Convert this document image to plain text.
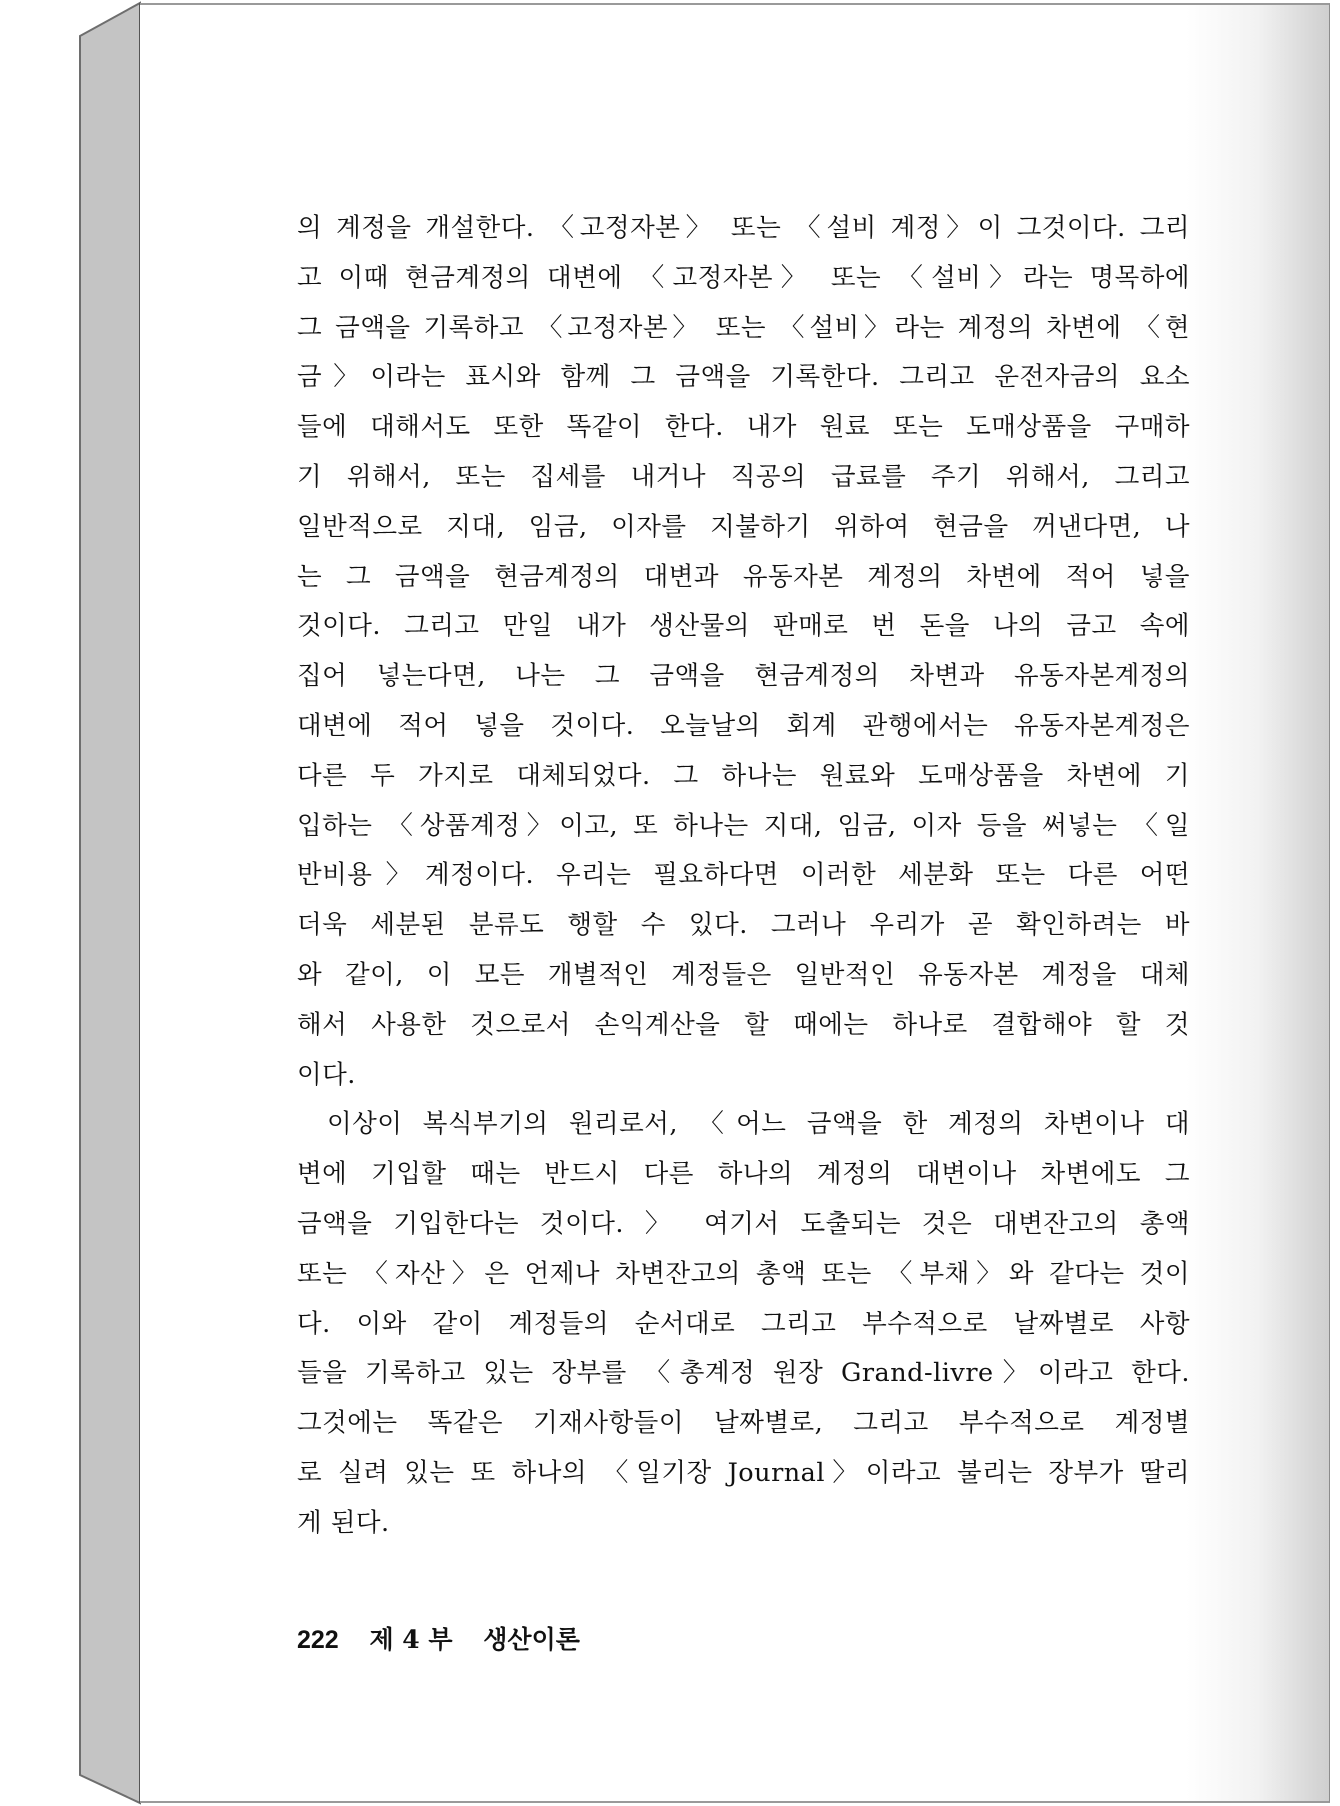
의 계정을 개설한다. 〈고정자본〉 또는 〈설비 계정〉이 그것이다. 그리
고 이때 현금계정의 대변에 〈고정자본〉 또는 〈설비〉라는 명목하에
그 금액을 기록하고 〈고정자본〉 또는 〈설비〉라는 계정의 차변에 〈현
금〉이라는 표시와 함께 그 금액을 기록한다. 그리고 운전자금의 요소
들에 대해서도 또한 똑같이 한다. 내가 원료 또는 도매상품을 구매하
기 위해서, 또는 집세를 내거나 직공의 급료를 주기 위해서, 그리고
일반적으로 지대, 임금, 이자를 지불하기 위하여 현금을 꺼낸다면, 나
는 그 금액을 현금계정의 대변과 유동자본 계정의 차변에 적어 넣을
것이다. 그리고 만일 내가 생산물의 판매로 번 돈을 나의 금고 속에
집어 넣는다면, 나는 그 금액을 현금계정의 차변과 유동자본계정의
대변에 적어 넣을 것이다. 오늘날의 회계 관행에서는 유동자본계정은
다른 두 가지로 대체되었다. 그 하나는 원료와 도매상품을 차변에 기
입하는 〈상품계정〉이고, 또 하나는 지대, 임금, 이자 등을 써넣는 〈일
반비용〉계정이다. 우리는 필요하다면 이러한 세분화 또는 다른 어떤
더욱 세분된 분류도 행할 수 있다. 그러나 우리가 곧 확인하려는 바
와 같이, 이 모든 개별적인 계정들은 일반적인 유동자본 계정을 대체
해서 사용한 것으로서 손익계산을 할 때에는 하나로 결합해야 할 것
이다.
이상이 복식부기의 원리로서, 〈어느 금액을 한 계정의 차변이나 대
변에 기입할 때는 반드시 다른 하나의 계정의 대변이나 차변에도 그
금액을 기입한다는 것이다. 〉 여기서 도출되는 것은 대변잔고의 총액
또는 〈자산〉은 언제나 차변잔고의 총액 또는 〈부채〉와 같다는 것이
다. 이와 같이 계정들의 순서대로 그리고 부수적으로 날짜별로 사항
들을 기록하고 있는 장부를 〈총계정 원장 Grand-livre〉이라고 한다.
그것에는 똑같은 기재사항들이 날짜별로, 그리고 부수적으로 계정별
로 실려 있는 또 하나의 〈일기장 Journal〉이라고 불리는 장부가 딸리
게 된다.
222 제 4 부 생산이론
